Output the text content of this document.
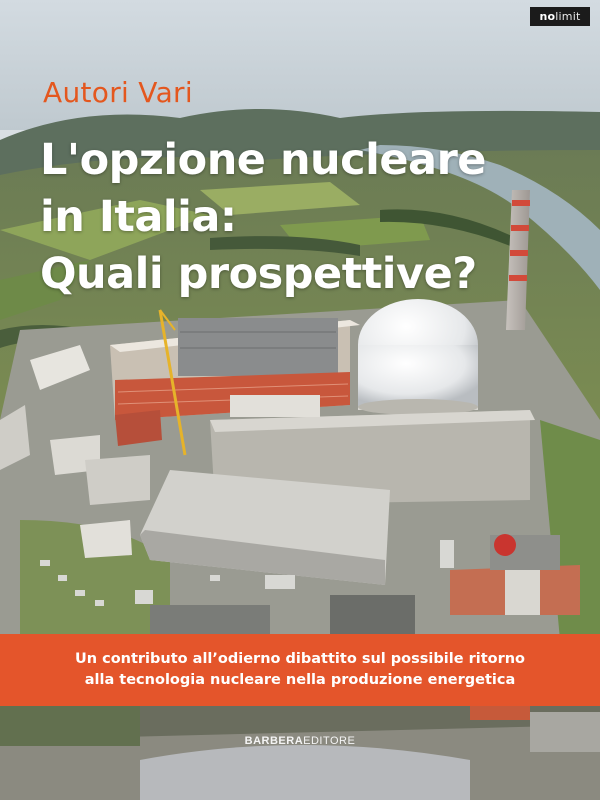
nolimit
Autori Vari
L'opzione nucleare
in Italia:
Quali prospettive?
Un contributo all’odierno dibattito sul possibile ritorno
alla tecnologia nucleare nella produzione energetica
BARBERAEDITORE
